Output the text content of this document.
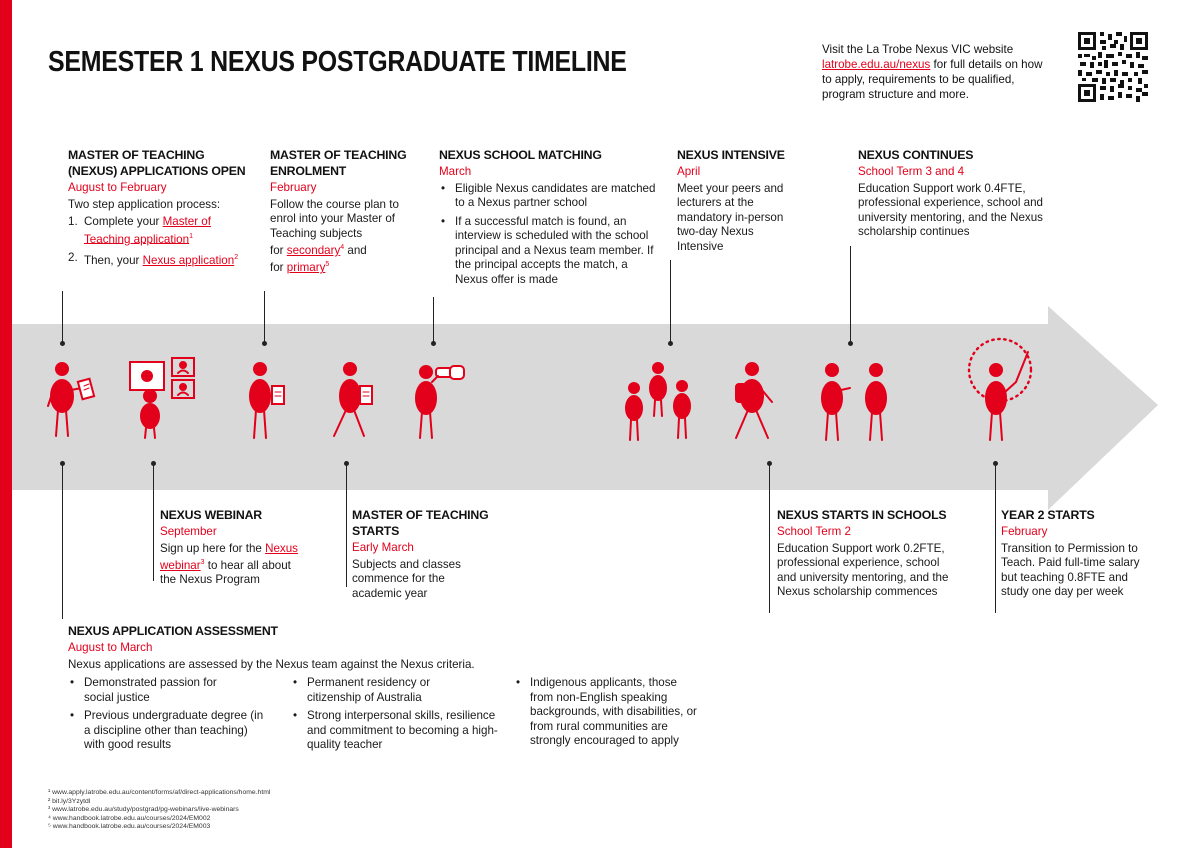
SEMESTER 1 NEXUS POSTGRADUATE TIMELINE	Visit the La Trobe Nexus VIC website latrobe.edu.au/nexus for full details on how to apply, requirements to be qualified, program structure and more.
MASTER OF TEACHING (NEXUS) APPLICATIONS OPEN
August to February
Two step application process:
1. Complete your Master of Teaching application$^1$
2. Then, your Nexus application$^2$
MASTER OF TEACHING ENROLMENT
February
Follow the course plan to enrol into your Master of Teaching subjects
for secondary$^4$ and
for primary$^5$
NEXUS SCHOOL MATCHING
March
• Eligible Nexus candidates are matched to a Nexus partner school
• If a successful match is found, an interview is scheduled with the school principal and a Nexus team member. If the principal accepts the match, a Nexus offer is made
NEXUS INTENSIVE
April
Meet your peers and lecturers at the mandatory in-person two-day Nexus Intensive
NEXUS CONTINUES
School Term 3 and 4
Education Support work 0.4FTE, professional experience, school and university mentoring, and the Nexus scholarship continues
NEXUS WEBINAR
September
Sign up here for the Nexus webinar$^3$ to hear all about the Nexus Program
MASTER OF TEACHING STARTS
Early March
Subjects and classes commence for the academic year
NEXUS STARTS IN SCHOOLS
School Term 2
Education Support work 0.2FTE, professional experience, school and university mentoring, and the Nexus scholarship commences
YEAR 2 STARTS
February
Transition to Permission to Teach. Paid full-time salary but teaching 0.8FTE and study one day per week
NEXUS APPLICATION ASSESSMENT
August to March
Nexus applications are assessed by the Nexus team against the Nexus criteria.
• Demonstrated passion for social justice
• Previous undergraduate degree (in a discipline other than teaching) with good results
• Permanent residency or citizenship of Australia
• Strong interpersonal skills, resilience and commitment to becoming a high-quality teacher
• Indigenous applicants, those from non-English speaking backgrounds, with disabilities, or from rural communities are strongly encouraged to apply
¹ www.apply.latrobe.edu.au/content/forms/af/direct-applications/home.html
² bit.ly/3Yzytdl
³ www.latrobe.edu.au/study/postgrad/pg-webinars/live-webinars
⁴ www.handbook.latrobe.edu.au/courses/2024/EM002
⁵ www.handbook.latrobe.edu.au/courses/2024/EM003
